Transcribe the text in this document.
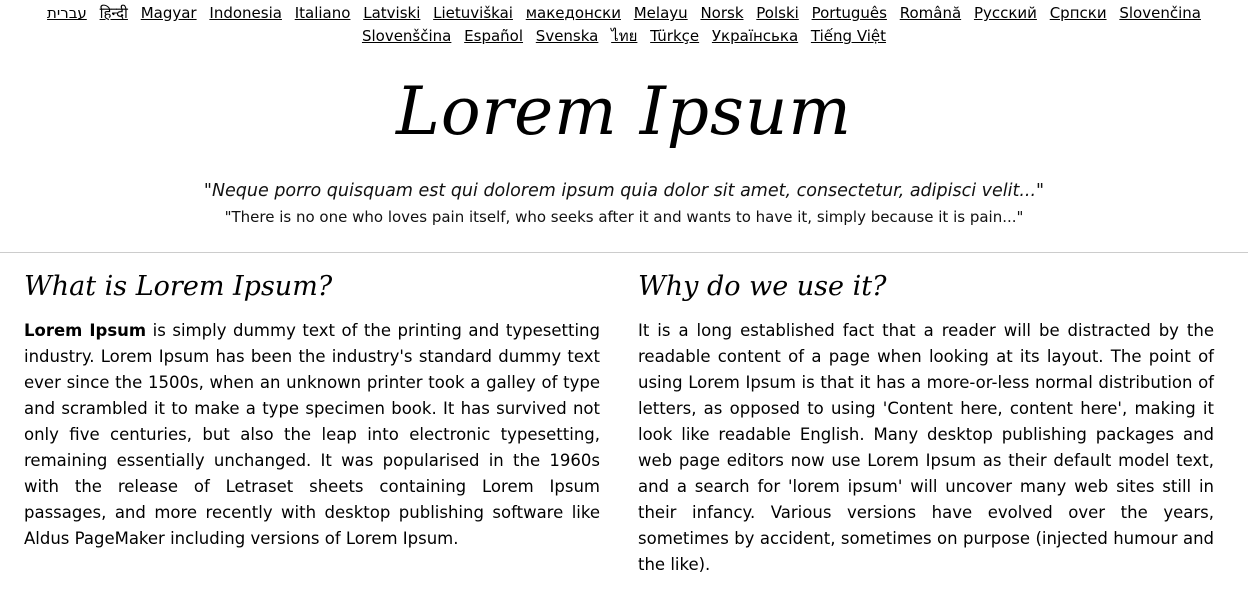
עברית हिन्दी Magyar Indonesia Italiano Latviski Lietuviškai македонски Melayu Norsk Polski Português Română Русский Српски Slovenčina Slovenščina Español Svenska ไทย Türkçe Українська Tiếng Việt
Lorem Ipsum
"Neque porro quisquam est qui dolorem ipsum quia dolor sit amet, consectetur, adipisci velit..."
"There is no one who loves pain itself, who seeks after it and wants to have it, simply because it is pain..."
What is Lorem Ipsum?

Lorem Ipsum is simply dummy text of the printing and typesetting industry. Lorem Ipsum has been the industry's standard dummy text ever since the 1500s, when an unknown printer took a galley of type and scrambled it to make a type specimen book. It has survived not only five centuries, but also the leap into electronic typesetting, remaining essentially unchanged. It was popularised in the 1960s with the release of Letraset sheets containing Lorem Ipsum passages, and more recently with desktop publishing software like Aldus PageMaker including versions of Lorem Ipsum.

Why do we use it?

It is a long established fact that a reader will be distracted by the readable content of a page when looking at its layout. The point of using Lorem Ipsum is that it has a more-or-less normal distribution of letters, as opposed to using 'Content here, content here', making it look like readable English. Many desktop publishing packages and web page editors now use Lorem Ipsum as their default model text, and a search for 'lorem ipsum' will uncover many web sites still in their infancy. Various versions have evolved over the years, sometimes by accident, sometimes on purpose (injected humour and the like).
